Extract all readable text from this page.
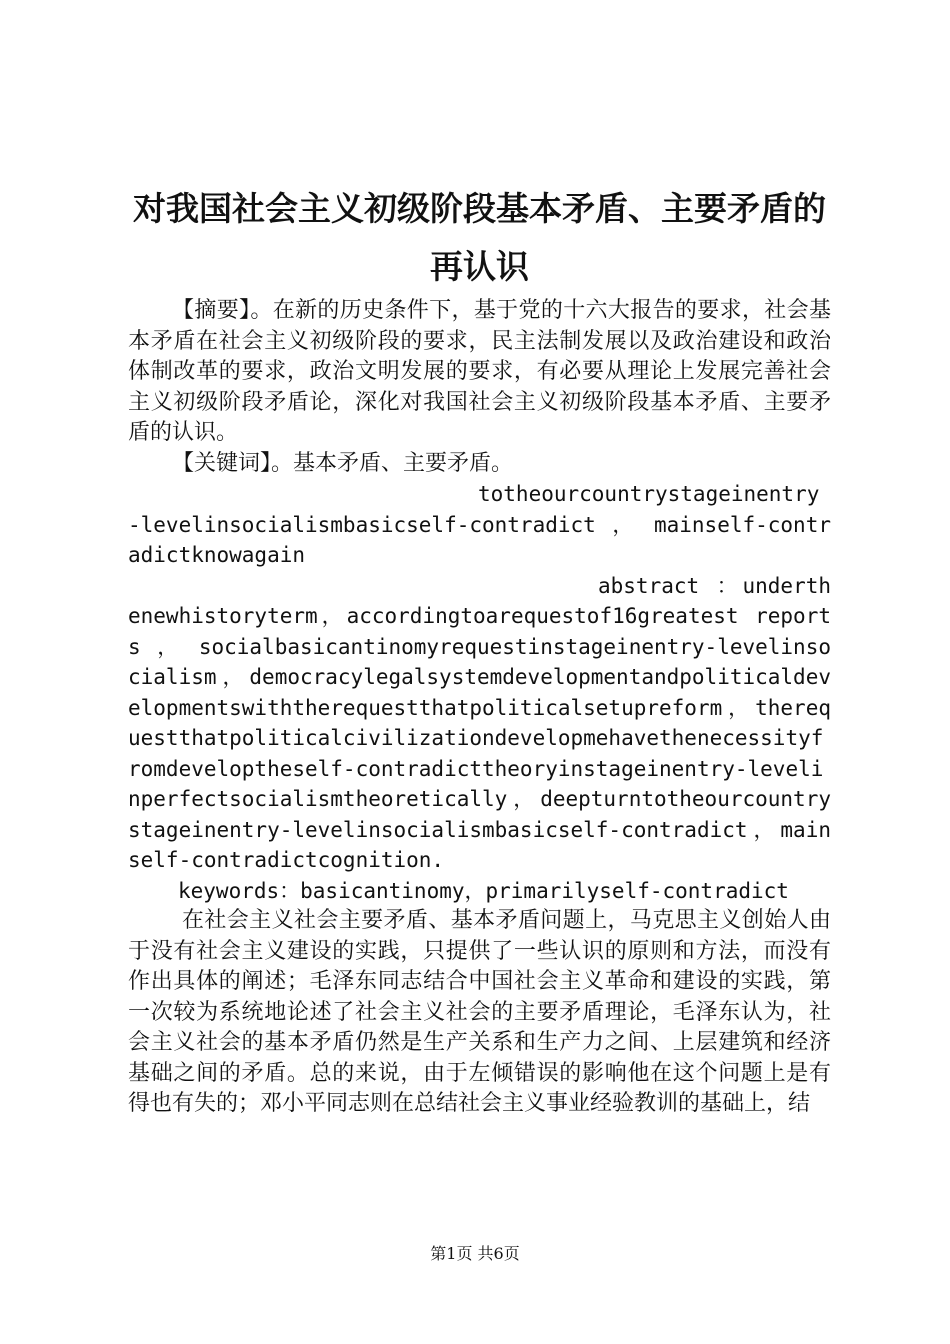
对我国社会主义初级阶段基本矛盾、主要矛盾的再认识

【摘要】。在新的历史条件下，基于党的十六大报告的要求，社会基本矛盾在社会主义初级阶段的要求，民主法制发展以及政治建设和政治体制改革的要求，政治文明发展的要求，有必要从理论上发展完善社会主义初级阶段矛盾论，深化对我国社会主义初级阶段基本矛盾、主要矛盾的认识。

【关键词】。基本矛盾、主要矛盾。

totheourcountrystageinentry-levelinsocialismbasicself-contradict ， mainself-contradictknowagain

abstract ：underthenewhistoryterm，accordingtoarequestof16greatest reports ， socialbasicantinomyrequestinstageinentry-levelinsocialism，democracylegalsystemdevelopmentandpoliticaldevelopmentswiththerequestthatpoliticalsetupreform，therequestthatpoliticalcivilizationdevelopmehavethenecessityfromdeveloptheself-contradicttheoryinstageinentry-levelinperfectsocialismtheoretically，deepturntotheourcountrystageinentry-levelinsocialismbasicself-contradict，mainself-contradictcognition.

keywords：basicantinomy，primarilyself-contradict

在社会主义社会主要矛盾、基本矛盾问题上，马克思主义创始人由于没有社会主义建设的实践，只提供了一些认识的原则和方法，而没有作出具体的阐述；毛泽东同志结合中国社会主义革命和建设的实践，第一次较为系统地论述了社会主义社会的主要矛盾理论，毛泽东认为，社会主义社会的基本矛盾仍然是生产关系和生产力之间、上层建筑和经济基础之间的矛盾。总的来说，由于左倾错误的影响他在这个问题上是有得也有失的；邓小平同志则在总结社会主义事业经验教训的基础上，结

第1页 共6页
